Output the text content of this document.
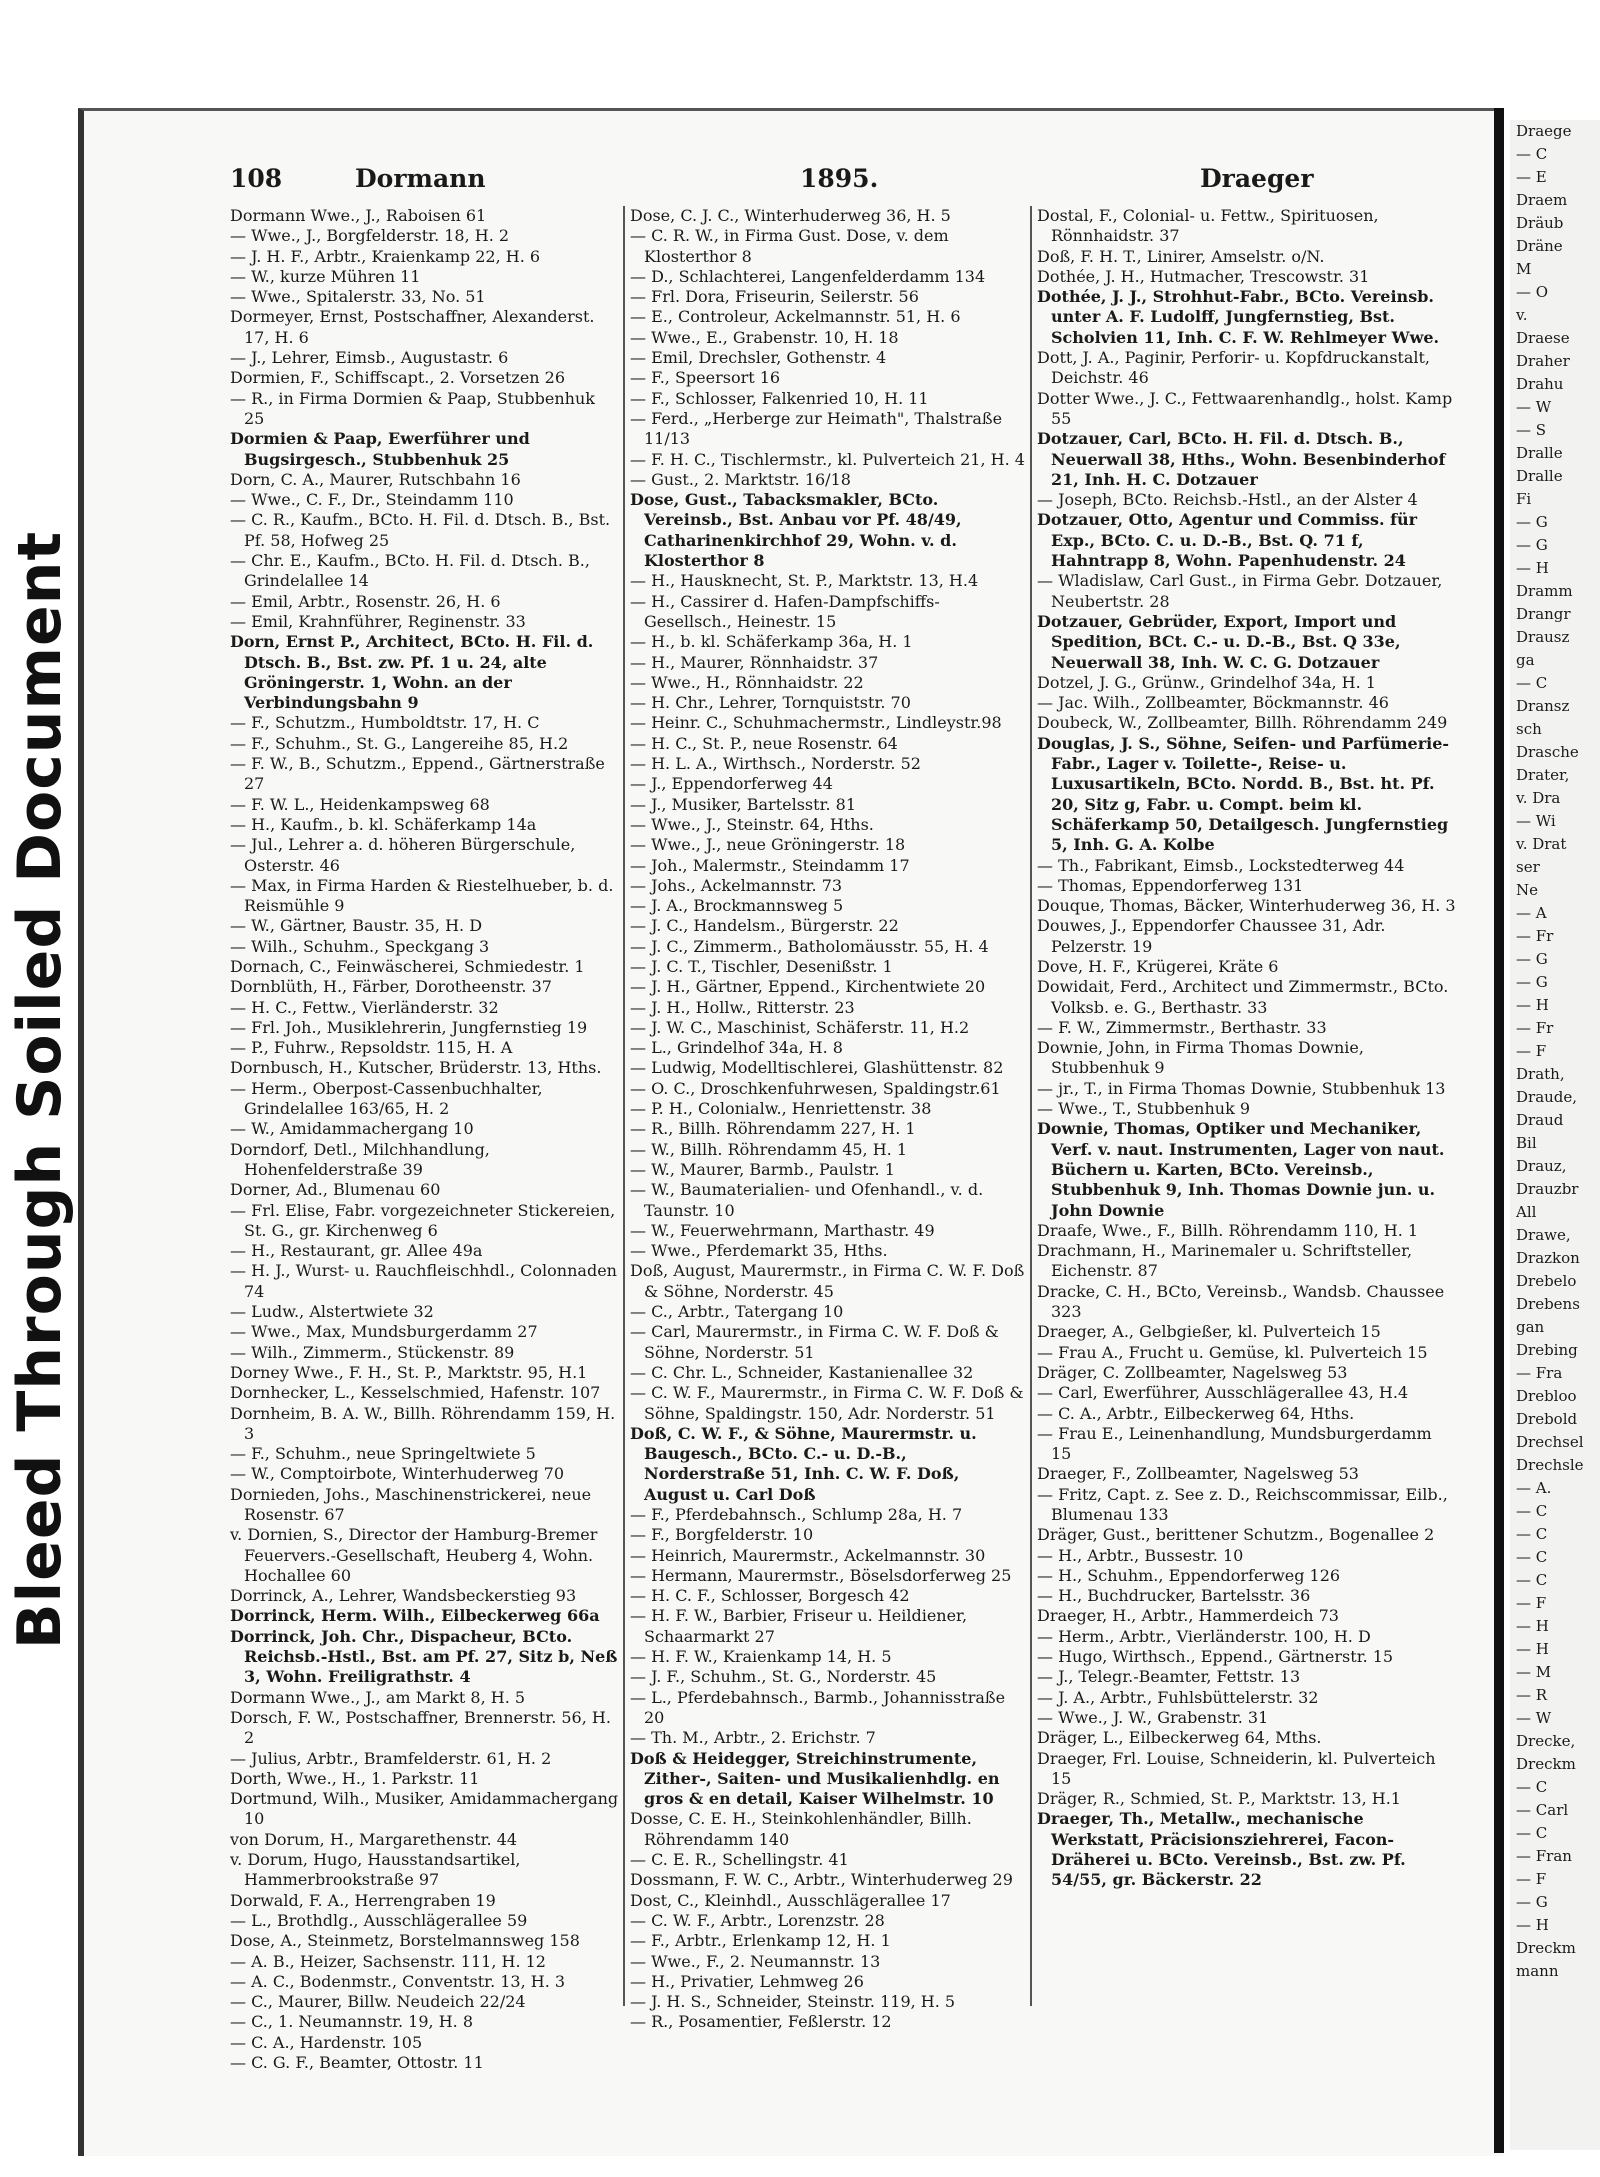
Bleed Through Soiled Document
Draege
— C
— E
Draem
Dräub
Dräne
M
— O
v.
Draese
Draher
Drahu
— W
— S
Dralle
Dralle
Fi
— G
— G
— H
Dramm
Drangr
Drausz
ga
— C
Dransz
sch
Drasche
Drater,
v. Dra
— Wi
v. Drat
ser
Ne
— A
— Fr
— G
— G
— H
— Fr
— F
Drath,
Draude,
Draud
Bil
Drauz,
Drauzbr
All
Drawe,
Drazkon
Drebelo
Drebens
gan
Drebing
— Fra
Drebloo
Drebold
Drechsel
Drechsle
— A.
— C
— C
— C
— C
— F
— H
— H
— M
— R
— W
Drecke,
Dreckm
— C
— Carl
— C
— Fran
— F
— G
— H
Dreckm
mann
108	Dormann	1895.	Draeger
Dormann Wwe., J., Raboisen 61
— Wwe., J., Borgfelderstr. 18, H. 2
— J. H. F., Arbtr., Kraienkamp 22, H. 6
— W., kurze Mühren 11
— Wwe., Spitalerstr. 33, No. 51
Dormeyer, Ernst, Postschaffner, Alexanderst. 17, H. 6
— J., Lehrer, Eimsb., Augustastr. 6
Dormien, F., Schiffscapt., 2. Vorsetzen 26
— R., in Firma Dormien & Paap, Stubbenhuk 25
Dormien & Paap, Ewerführer und Bugsirgesch., Stubbenhuk 25
Dorn, C. A., Maurer, Rutschbahn 16
— Wwe., C. F., Dr., Steindamm 110
— C. R., Kaufm., BCto. H. Fil. d. Dtsch. B., Bst. Pf. 58, Hofweg 25
— Chr. E., Kaufm., BCto. H. Fil. d. Dtsch. B., Grindelallee 14
— Emil, Arbtr., Rosenstr. 26, H. 6
— Emil, Krahnführer, Reginenstr. 33
Dorn, Ernst P., Architect, BCto. H. Fil. d. Dtsch. B., Bst. zw. Pf. 1 u. 24, alte Gröningerstr. 1, Wohn. an der Verbindungsbahn 9
— F., Schutzm., Humboldtstr. 17, H. C
— F., Schuhm., St. G., Langereihe 85, H.2
— F. W., B., Schutzm., Eppend., Gärtnerstraße 27
— F. W. L., Heidenkampsweg 68
— H., Kaufm., b. kl. Schäferkamp 14a
— Jul., Lehrer a. d. höheren Bürgerschule, Osterstr. 46
— Max, in Firma Harden & Riestelhueber, b. d. Reismühle 9
— W., Gärtner, Baustr. 35, H. D
— Wilh., Schuhm., Speckgang 3
Dornach, C., Feinwäscherei, Schmiedestr. 1
Dornblüth, H., Färber, Dorotheenstr. 37
— H. C., Fettw., Vierländerstr. 32
— Frl. Joh., Musiklehrerin, Jungfernstieg 19
— P., Fuhrw., Repsoldstr. 115, H. A
Dornbusch, H., Kutscher, Brüderstr. 13, Hths.
— Herm., Oberpost-Cassenbuchhalter, Grindelallee 163/65, H. 2
— W., Amidammachergang 10
Dorndorf, Detl., Milchhandlung, Hohenfelderstraße 39
Dorner, Ad., Blumenau 60
— Frl. Elise, Fabr. vorgezeichneter Stickereien, St. G., gr. Kirchenweg 6
— H., Restaurant, gr. Allee 49a
— H. J., Wurst- u. Rauchfleischhdl., Colonnaden 74
— Ludw., Alstertwiete 32
— Wwe., Max, Mundsburgerdamm 27
— Wilh., Zimmerm., Stückenstr. 89
Dorney Wwe., F. H., St. P., Marktstr. 95, H.1
Dornhecker, L., Kesselschmied, Hafenstr. 107
Dornheim, B. A. W., Billh. Röhrendamm 159, H. 3
— F., Schuhm., neue Springeltwiete 5
— W., Comptoirbote, Winterhuderweg 70
Dornieden, Johs., Maschinenstrickerei, neue Rosenstr. 67
v. Dornien, S., Director der Hamburg-Bremer Feuervers.-Gesellschaft, Heuberg 4, Wohn. Hochallee 60
Dorrinck, A., Lehrer, Wandsbeckerstieg 93
Dorrinck, Herm. Wilh., Eilbeckerweg 66a
Dorrinck, Joh. Chr., Dispacheur, BCto. Reichsb.-Hstl., Bst. am Pf. 27, Sitz b, Neß 3, Wohn. Freiligrathstr. 4
Dormann Wwe., J., am Markt 8, H. 5
Dorsch, F. W., Postschaffner, Brennerstr. 56, H. 2
— Julius, Arbtr., Bramfelderstr. 61, H. 2
Dorth, Wwe., H., 1. Parkstr. 11
Dortmund, Wilh., Musiker, Amidammachergang 10
von Dorum, H., Margarethenstr. 44
v. Dorum, Hugo, Hausstandsartikel, Hammerbrookstraße 97
Dorwald, F. A., Herrengraben 19
— L., Brothdlg., Ausschlägerallee 59
Dose, A., Steinmetz, Borstelmannsweg 158
— A. B., Heizer, Sachsenstr. 111, H. 12
— A. C., Bodenmstr., Conventstr. 13, H. 3
— C., Maurer, Billw. Neudeich 22/24
— C., 1. Neumannstr. 19, H. 8
— C. A., Hardenstr. 105
— C. G. F., Beamter, Ottostr. 11
Dose, C. J. C., Winterhuderweg 36, H. 5
— C. R. W., in Firma Gust. Dose, v. dem Klosterthor 8
— D., Schlachterei, Langenfelderdamm 134
— Frl. Dora, Friseurin, Seilerstr. 56
— E., Controleur, Ackelmannstr. 51, H. 6
— Wwe., E., Grabenstr. 10, H. 18
— Emil, Drechsler, Gothenstr. 4
— F., Speersort 16
— F., Schlosser, Falkenried 10, H. 11
— Ferd., „Herberge zur Heimath", Thalstraße 11/13
— F. H. C., Tischlermstr., kl. Pulverteich 21, H. 4
— Gust., 2. Marktstr. 16/18
Dose, Gust., Tabacksmakler, BCto. Vereinsb., Bst. Anbau vor Pf. 48/49, Catharinenkirchhof 29, Wohn. v. d. Klosterthor 8
— H., Hausknecht, St. P., Marktstr. 13, H.4
— H., Cassirer d. Hafen-Dampfschiffs-Gesellsch., Heinestr. 15
— H., b. kl. Schäferkamp 36a, H. 1
— H., Maurer, Rönnhaidstr. 37
— Wwe., H., Rönnhaidstr. 22
— H. Chr., Lehrer, Tornquiststr. 70
— Heinr. C., Schuhmachermstr., Lindleystr.98
— H. C., St. P., neue Rosenstr. 64
— H. L. A., Wirthsch., Norderstr. 52
— J., Eppendorferweg 44
— J., Musiker, Bartelsstr. 81
— Wwe., J., Steinstr. 64, Hths.
— Wwe., J., neue Gröningerstr. 18
— Joh., Malermstr., Steindamm 17
— Johs., Ackelmannstr. 73
— J. A., Brockmannsweg 5
— J. C., Handelsm., Bürgerstr. 22
— J. C., Zimmerm., Batholomäusstr. 55, H. 4
— J. C. T., Tischler, Desenißstr. 1
— J. H., Gärtner, Eppend., Kirchentwiete 20
— J. H., Hollw., Ritterstr. 23
— J. W. C., Maschinist, Schäferstr. 11, H.2
— L., Grindelhof 34a, H. 8
— Ludwig, Modelltischlerei, Glashüttenstr. 82
— O. C., Droschkenfuhrwesen, Spaldingstr.61
— P. H., Colonialw., Henriettenstr. 38
— R., Billh. Röhrendamm 227, H. 1
— W., Billh. Röhrendamm 45, H. 1
— W., Maurer, Barmb., Paulstr. 1
— W., Baumaterialien- und Ofenhandl., v. d. Taunstr. 10
— W., Feuerwehrmann, Marthastr. 49
— Wwe., Pferdemarkt 35, Hths.
Doß, August, Maurermstr., in Firma C. W. F. Doß & Söhne, Norderstr. 45
— C., Arbtr., Tatergang 10
— Carl, Maurermstr., in Firma C. W. F. Doß & Söhne, Norderstr. 51
— C. Chr. L., Schneider, Kastanienallee 32
— C. W. F., Maurermstr., in Firma C. W. F. Doß & Söhne, Spaldingstr. 150, Adr. Norderstr. 51
Doß, C. W. F., & Söhne, Maurermstr. u. Baugesch., BCto. C.- u. D.-B., Norderstraße 51, Inh. C. W. F. Doß, August u. Carl Doß
— F., Pferdebahnsch., Schlump 28a, H. 7
— F., Borgfelderstr. 10
— Heinrich, Maurermstr., Ackelmannstr. 30
— Hermann, Maurermstr., Böselsdorferweg 25
— H. C. F., Schlosser, Borgesch 42
— H. F. W., Barbier, Friseur u. Heildiener, Schaarmarkt 27
— H. F. W., Kraienkamp 14, H. 5
— J. F., Schuhm., St. G., Norderstr. 45
— L., Pferdebahnsch., Barmb., Johannisstraße 20
— Th. M., Arbtr., 2. Erichstr. 7
Doß & Heidegger, Streichinstrumente, Zither-, Saiten- und Musikalienhdlg. en gros & en detail, Kaiser Wilhelmstr. 10
Dosse, C. E. H., Steinkohlenhändler, Billh. Röhrendamm 140
— C. E. R., Schellingstr. 41
Dossmann, F. W. C., Arbtr., Winterhuderweg 29
Dost, C., Kleinhdl., Ausschlägerallee 17
— C. W. F., Arbtr., Lorenzstr. 28
— F., Arbtr., Erlenkamp 12, H. 1
— Wwe., F., 2. Neumannstr. 13
— H., Privatier, Lehmweg 26
— J. H. S., Schneider, Steinstr. 119, H. 5
— R., Posamentier, Feßlerstr. 12
Dostal, F., Colonial- u. Fettw., Spirituosen, Rönnhaidstr. 37
Doß, F. H. T., Linirer, Amselstr. o/N.
Dothée, J. H., Hutmacher, Trescowstr. 31
Dothée, J. J., Strohhut-Fabr., BCto. Vereinsb. unter A. F. Ludolff, Jungfernstieg, Bst. Scholvien 11, Inh. C. F. W. Rehlmeyer Wwe.
Dott, J. A., Paginir, Perforir- u. Kopfdruckanstalt, Deichstr. 46
Dotter Wwe., J. C., Fettwaarenhandlg., holst. Kamp 55
Dotzauer, Carl, BCto. H. Fil. d. Dtsch. B., Neuerwall 38, Hths., Wohn. Besenbinderhof 21, Inh. H. C. Dotzauer
— Joseph, BCto. Reichsb.-Hstl., an der Alster 4
Dotzauer, Otto, Agentur und Commiss. für Exp., BCto. C. u. D.-B., Bst. Q. 71 f, Hahntrapp 8, Wohn. Papenhudenstr. 24
— Wladislaw, Carl Gust., in Firma Gebr. Dotzauer, Neubertstr. 28
Dotzauer, Gebrüder, Export, Import und Spedition, BCt. C.- u. D.-B., Bst. Q 33e, Neuerwall 38, Inh. W. C. G. Dotzauer
Dotzel, J. G., Grünw., Grindelhof 34a, H. 1
— Jac. Wilh., Zollbeamter, Böckmannstr. 46
Doubeck, W., Zollbeamter, Billh. Röhrendamm 249
Douglas, J. S., Söhne, Seifen- und Parfümerie-Fabr., Lager v. Toilette-, Reise- u. Luxusartikeln, BCto. Nordd. B., Bst. ht. Pf. 20, Sitz g, Fabr. u. Compt. beim kl. Schäferkamp 50, Detailgesch. Jungfernstieg 5, Inh. G. A. Kolbe
— Th., Fabrikant, Eimsb., Lockstedterweg 44
— Thomas, Eppendorferweg 131
Douque, Thomas, Bäcker, Winterhuderweg 36, H. 3
Douwes, J., Eppendorfer Chaussee 31, Adr. Pelzerstr. 19
Dove, H. F., Krügerei, Kräte 6
Dowidait, Ferd., Architect und Zimmermstr., BCto. Volksb. e. G., Berthastr. 33
— F. W., Zimmermstr., Berthastr. 33
Downie, John, in Firma Thomas Downie, Stubbenhuk 9
— jr., T., in Firma Thomas Downie, Stubbenhuk 13
— Wwe., T., Stubbenhuk 9
Downie, Thomas, Optiker und Mechaniker, Verf. v. naut. Instrumenten, Lager von naut. Büchern u. Karten, BCto. Vereinsb., Stubbenhuk 9, Inh. Thomas Downie jun. u. John Downie
Draafe, Wwe., F., Billh. Röhrendamm 110, H. 1
Drachmann, H., Marinemaler u. Schriftsteller, Eichenstr. 87
Dracke, C. H., BCto, Vereinsb., Wandsb. Chaussee 323
Draeger, A., Gelbgießer, kl. Pulverteich 15
— Frau A., Frucht u. Gemüse, kl. Pulverteich 15
Dräger, C. Zollbeamter, Nagelsweg 53
— Carl, Ewerführer, Ausschlägerallee 43, H.4
— C. A., Arbtr., Eilbeckerweg 64, Hths.
— Frau E., Leinenhandlung, Mundsburgerdamm 15
Draeger, F., Zollbeamter, Nagelsweg 53
— Fritz, Capt. z. See z. D., Reichscommissar, Eilb., Blumenau 133
Dräger, Gust., berittener Schutzm., Bogenallee 2
— H., Arbtr., Bussestr. 10
— H., Schuhm., Eppendorferweg 126
— H., Buchdrucker, Bartelsstr. 36
Draeger, H., Arbtr., Hammerdeich 73
— Herm., Arbtr., Vierländerstr. 100, H. D
— Hugo, Wirthsch., Eppend., Gärtnerstr. 15
— J., Telegr.-Beamter, Fettstr. 13
— J. A., Arbtr., Fuhlsbüttelerstr. 32
— Wwe., J. W., Grabenstr. 31
Dräger, L., Eilbeckerweg 64, Mths.
Draeger, Frl. Louise, Schneiderin, kl. Pulverteich 15
Dräger, R., Schmied, St. P., Marktstr. 13, H.1
Draeger, Th., Metallw., mechanische Werkstatt, Präcisionsziehrerei, Facon-Dräherei u. BCto. Vereinsb., Bst. zw. Pf. 54/55, gr. Bäckerstr. 22
